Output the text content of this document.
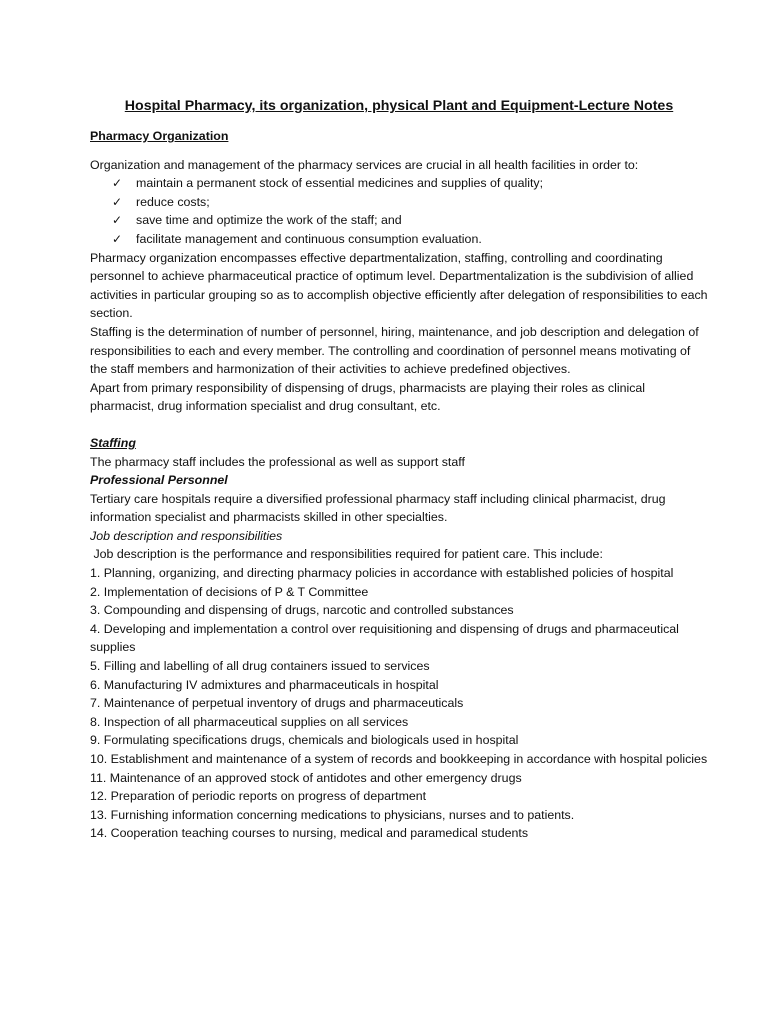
Hospital Pharmacy, its organization, physical Plant and Equipment-Lecture Notes
Pharmacy Organization

Organization and management of the pharmacy services are crucial in all health facilities in order to:

✓ maintain a permanent stock of essential medicines and supplies of quality;
✓ reduce costs;
✓ save time and optimize the work of the staff; and
✓ facilitate management and continuous consumption evaluation.

Pharmacy organization encompasses effective departmentalization, staffing, controlling and coordinating personnel to achieve pharmaceutical practice of optimum level. Departmentalization is the subdivision of allied activities in particular grouping so as to accomplish objective efficiently after delegation of responsibilities to each section.

Staffing is the determination of number of personnel, hiring, maintenance, and job description and delegation of responsibilities to each and every member. The controlling and coordination of personnel means motivating of the staff members and harmonization of their activities to achieve predefined objectives.

Apart from primary responsibility of dispensing of drugs, pharmacists are playing their roles as clinical pharmacist, drug information specialist and drug consultant, etc.

Staffing

The pharmacy staff includes the professional as well as support staff

Professional Personnel

Tertiary care hospitals require a diversified professional pharmacy staff including clinical pharmacist, drug information specialist and pharmacists skilled in other specialties.

Job description and responsibilities

Job description is the performance and responsibilities required for patient care. This include:

1. Planning, organizing, and directing pharmacy policies in accordance with established policies of hospital
2. Implementation of decisions of P & T Committee
3. Compounding and dispensing of drugs, narcotic and controlled substances
4. Developing and implementation a control over requisitioning and dispensing of drugs and pharmaceutical supplies
5. Filling and labelling of all drug containers issued to services
6. Manufacturing IV admixtures and pharmaceuticals in hospital
7. Maintenance of perpetual inventory of drugs and pharmaceuticals
8. Inspection of all pharmaceutical supplies on all services
9. Formulating specifications drugs, chemicals and biologicals used in hospital
10. Establishment and maintenance of a system of records and bookkeeping in accordance with hospital policies
11. Maintenance of an approved stock of antidotes and other emergency drugs
12. Preparation of periodic reports on progress of department
13. Furnishing information concerning medications to physicians, nurses and to patients.
14. Cooperation teaching courses to nursing, medical and paramedical students
